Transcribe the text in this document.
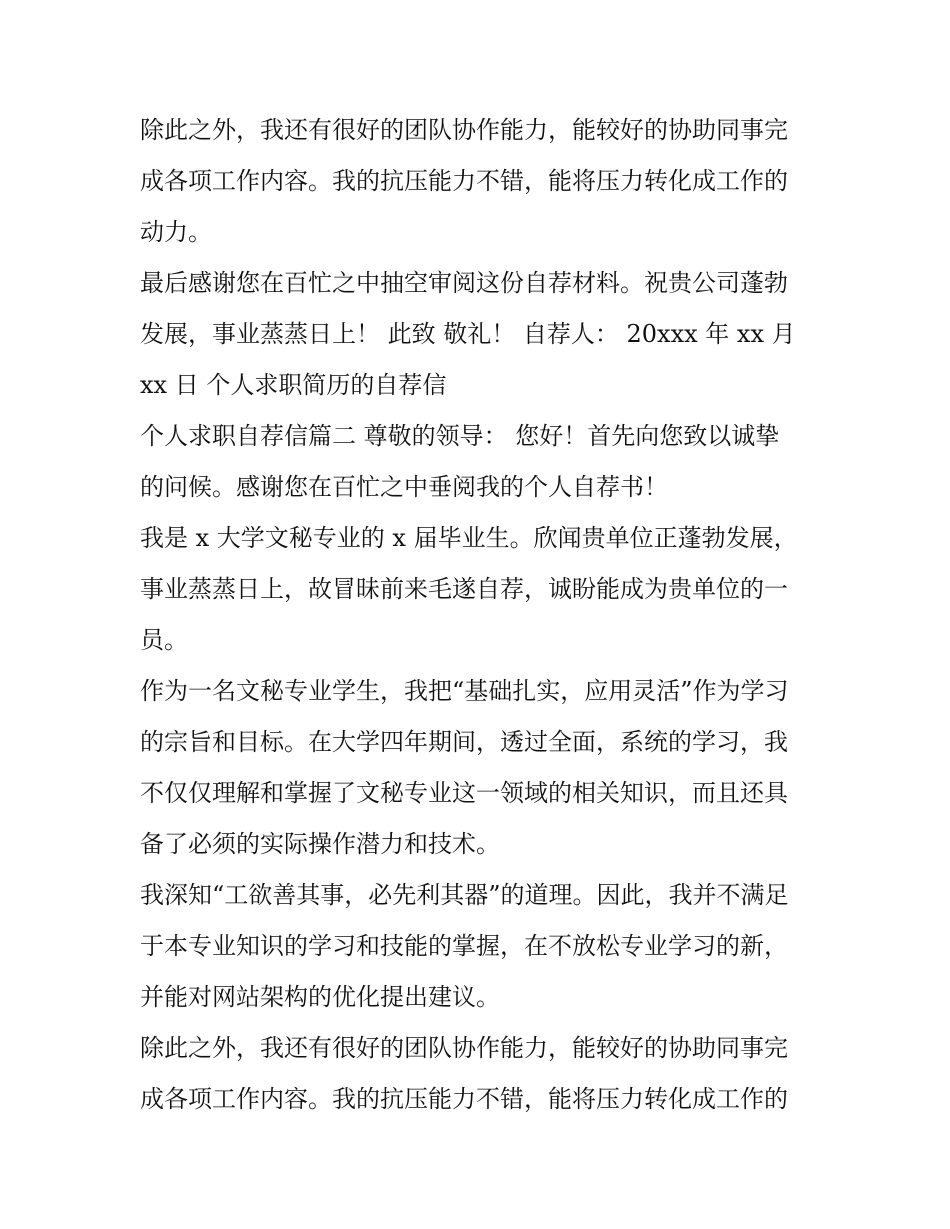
除此之外，我还有很好的团队协作能力，能较好的协助同事完
成各项工作内容。我的抗压能力不错，能将压力转化成工作的
动力。
最后感谢您在百忙之中抽空审阅这份自荐材料。祝贵公司蓬勃
发展，事业蒸蒸日上！ 此致 敬礼！ 自荐人： 20xxx 年 xx 月
xx 日 个人求职简历的自荐信
个人求职自荐信篇二 尊敬的领导： 您好！首先向您致以诚挚
的问候。感谢您在百忙之中垂阅我的个人自荐书！
我是 x 大学文秘专业的 x 届毕业生。欣闻贵单位正蓬勃发展，
事业蒸蒸日上，故冒昧前来毛遂自荐，诚盼能成为贵单位的一
员。
作为一名文秘专业学生，我把“基础扎实，应用灵活”作为学习
的宗旨和目标。在大学四年期间，透过全面，系统的学习，我
不仅仅理解和掌握了文秘专业这一领域的相关知识，而且还具
备了必须的实际操作潜力和技术。
我深知“工欲善其事，必先利其器”的道理。因此，我并不满足
于本专业知识的学习和技能的掌握，在不放松专业学习的新，
并能对网站架构的优化提出建议。
除此之外，我还有很好的团队协作能力，能较好的协助同事完
成各项工作内容。我的抗压能力不错，能将压力转化成工作的
